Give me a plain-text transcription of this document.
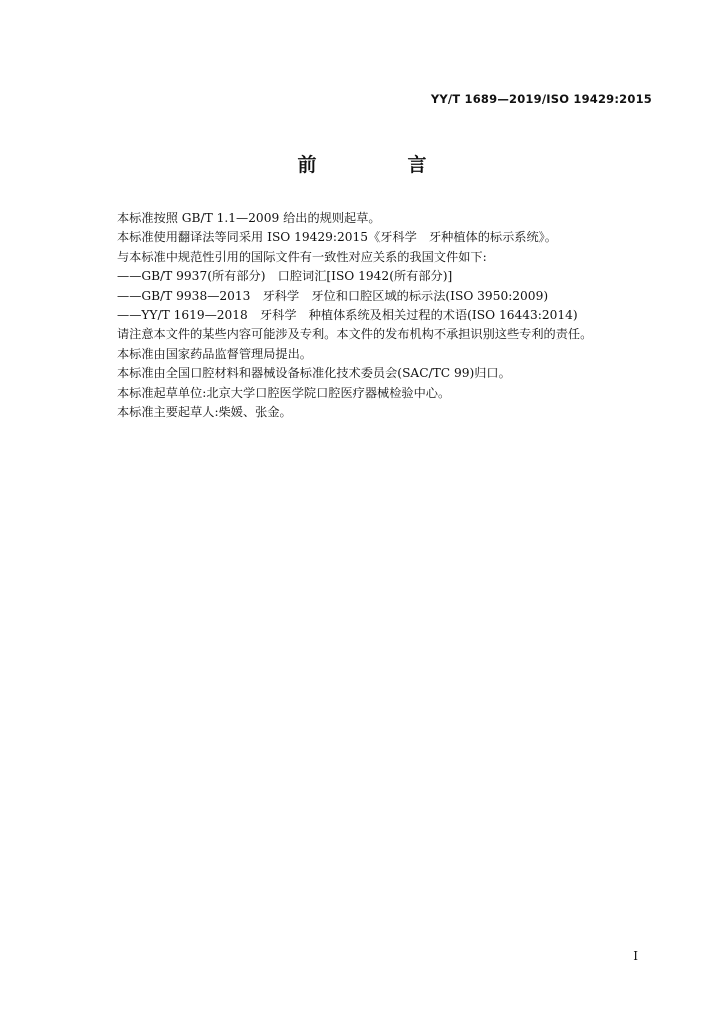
YY/T 1689—2019/ISO 19429:2015
前　言
本标准按照 GB/T 1.1—2009 给出的规则起草。
本标准使用翻译法等同采用 ISO 19429:2015《牙科学　牙种植体的标示系统》。
与本标准中规范性引用的国际文件有一致性对应关系的我国文件如下:
——GB/T 9937(所有部分)　口腔词汇[ISO 1942(所有部分)]
——GB/T 9938—2013　牙科学　牙位和口腔区域的标示法(ISO 3950:2009)
——YY/T 1619—2018　牙科学　种植体系统及相关过程的术语(ISO 16443:2014)
请注意本文件的某些内容可能涉及专利。本文件的发布机构不承担识别这些专利的责任。
本标准由国家药品监督管理局提出。
本标准由全国口腔材料和器械设备标准化技术委员会(SAC/TC 99)归口。
本标准起草单位:北京大学口腔医学院口腔医疗器械检验中心。
本标准主要起草人:柴媛、张金。
I
